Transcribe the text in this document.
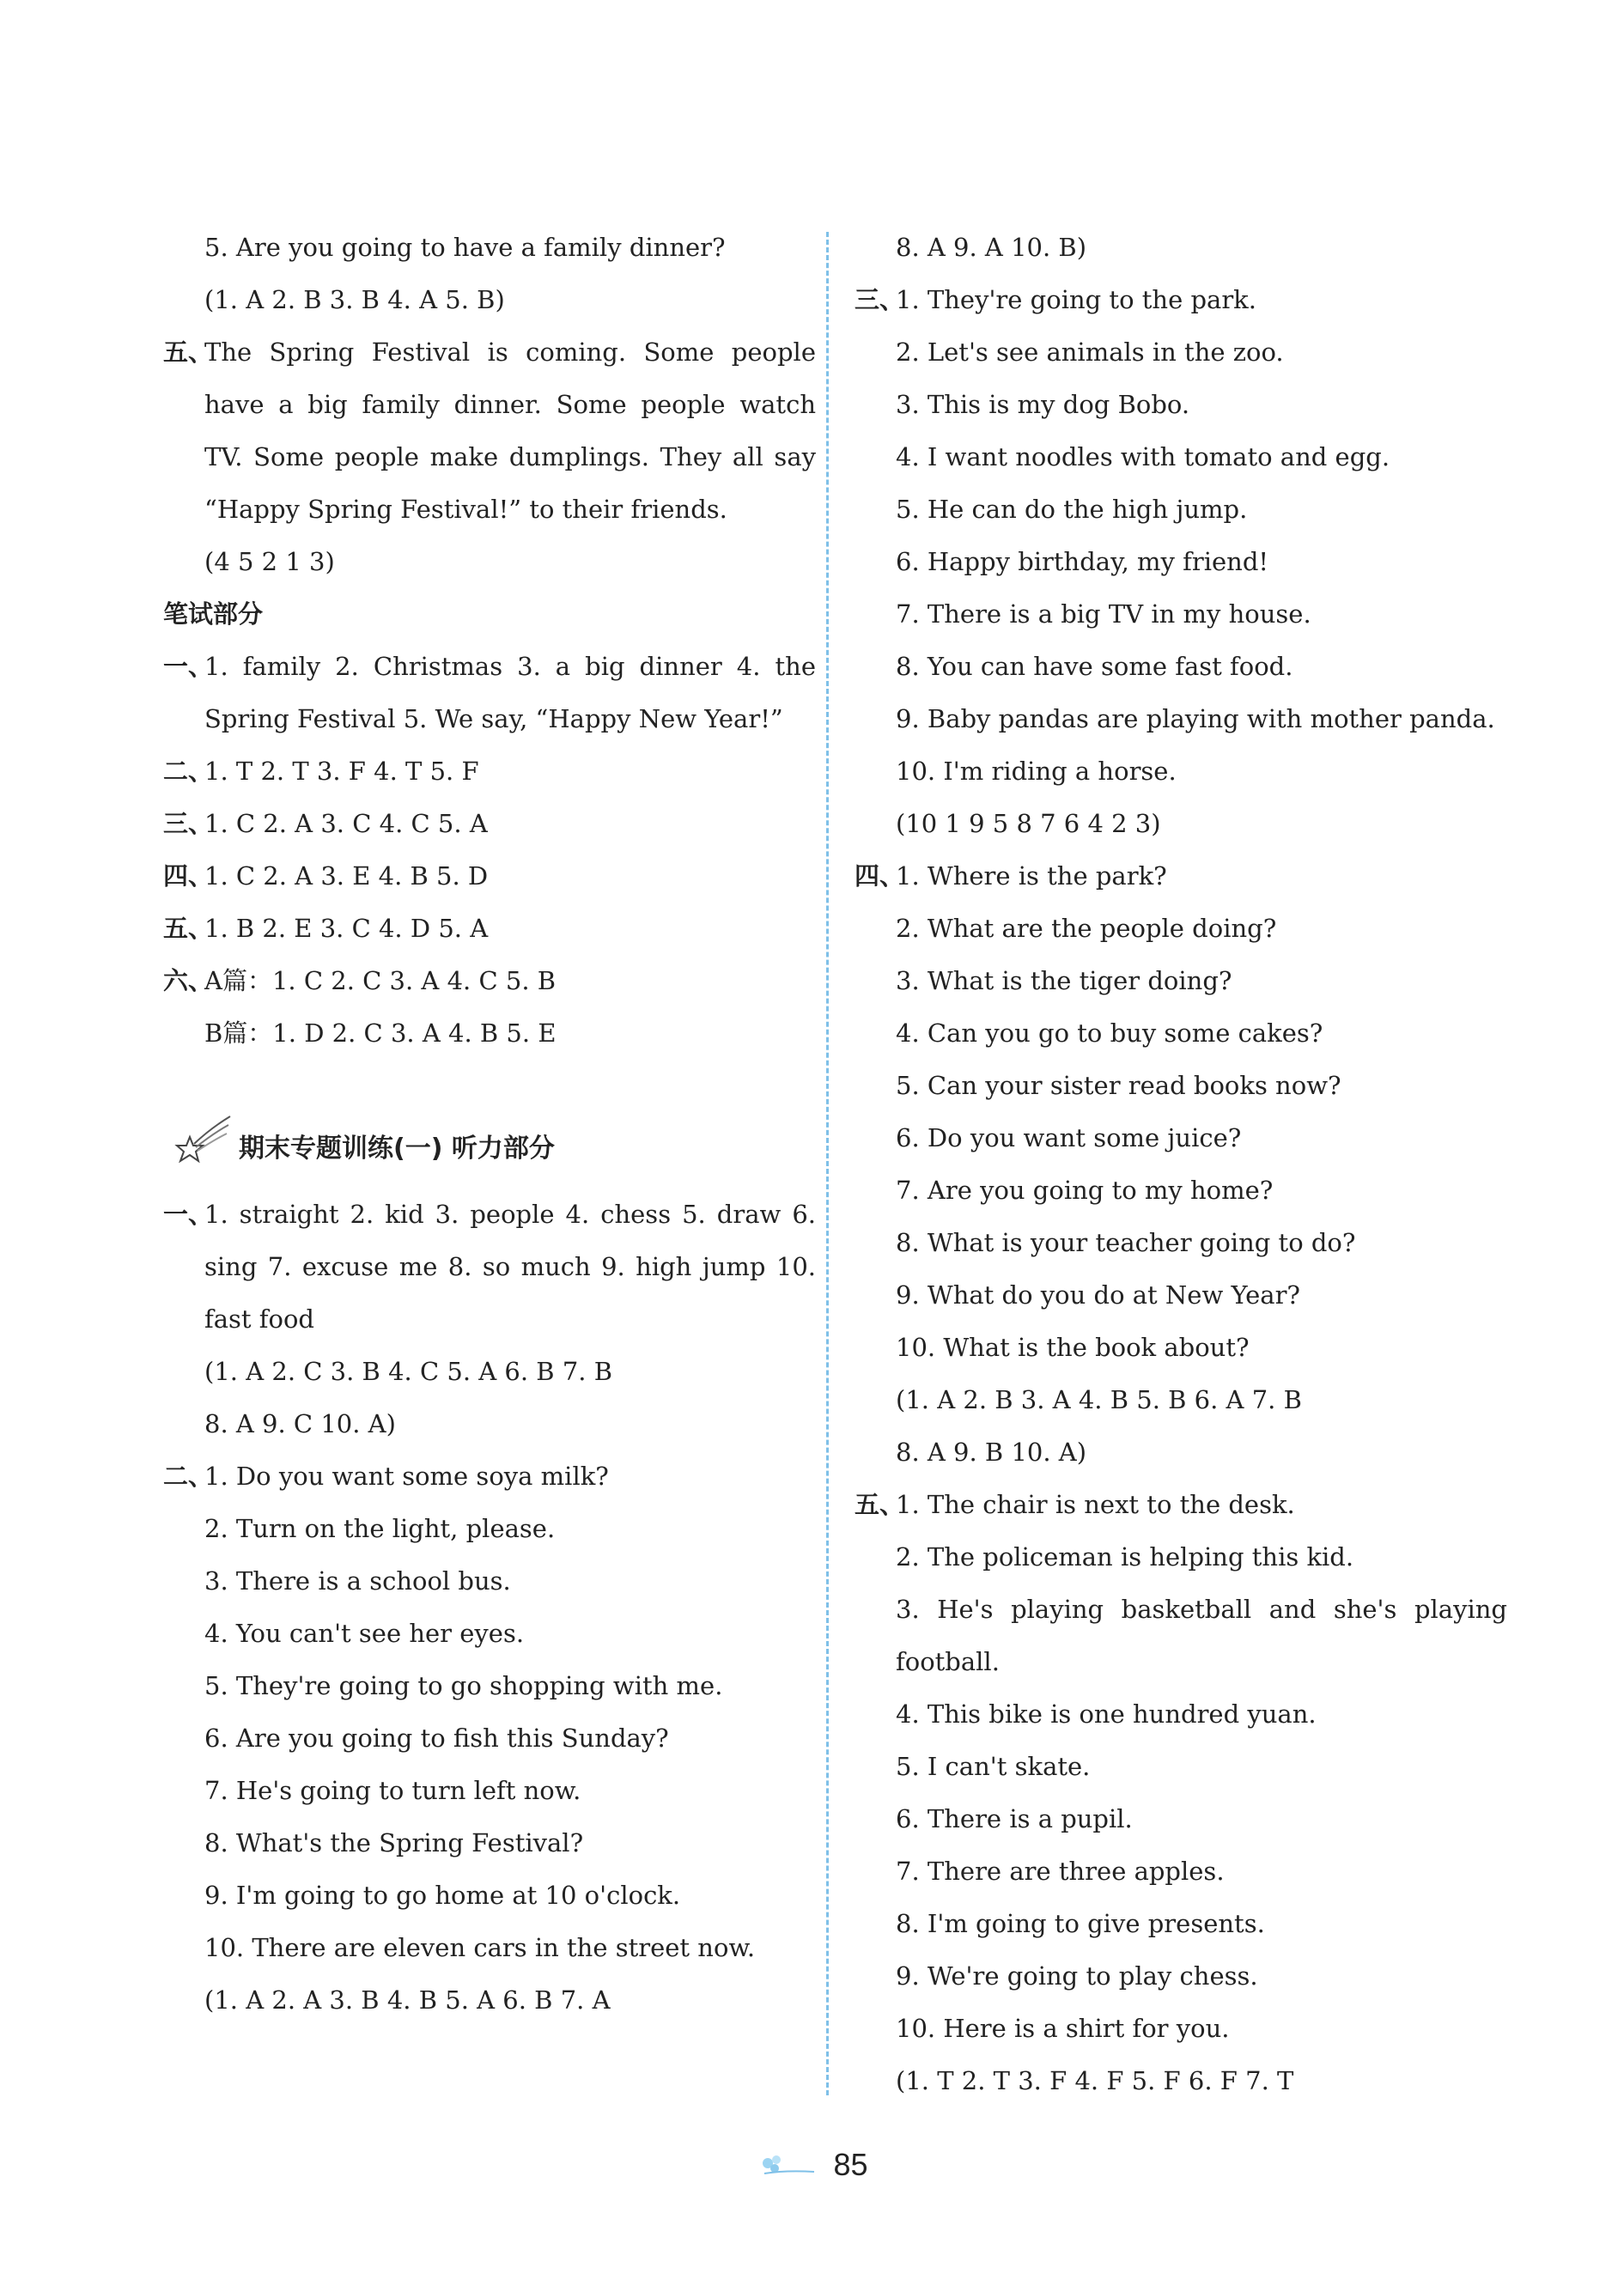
5. Are you going to have a family dinner?
(1. A 2. B 3. B 4. A 5. B)
五、
The Spring Festival is coming. Some people have a big family dinner. Some people watch TV. Some people make dumplings. They all say “Happy Spring Festival!” to their friends.
(4 5 2 1 3)
笔试部分
一、
1. family 2. Christmas 3. a big dinner 4. the Spring Festival 5. We say, “Happy New Year!”
二、1. T 2. T 3. F 4. T 5. F
三、1. C 2. A 3. C 4. C 5. A
四、1. C 2. A 3. E 4. B 5. D
五、1. B 2. E 3. C 4. D 5. A
六、A篇：1. C 2. C 3. A 4. C 5. B
B篇：1. D 2. C 3. A 4. B 5. E
期末专题训练(一) 听力部分
一、
1. straight 2. kid 3. people 4. chess 5. draw 6. sing 7. excuse me 8. so much 9. high jump 10. fast food
(1. A 2. C 3. B 4. C 5. A 6. B 7. B
8. A 9. C 10. A)
二、1. Do you want some soya milk?
2. Turn on the light, please.
3. There is a school bus.
4. You can't see her eyes.
5. They're going to go shopping with me.
6. Are you going to fish this Sunday?
7. He's going to turn left now.
8. What's the Spring Festival?
9. I'm going to go home at 10 o'clock.
10. There are eleven cars in the street now.
(1. A 2. A 3. B 4. B 5. A 6. B 7. A
8. A 9. A 10. B)
三、1. They're going to the park.
2. Let's see animals in the zoo.
3. This is my dog Bobo.
4. I want noodles with tomato and egg.
5. He can do the high jump.
6. Happy birthday, my friend!
7. There is a big TV in my house.
8. You can have some fast food.
9. Baby pandas are playing with mother panda.
10. I'm riding a horse.
(10 1 9 5 8 7 6 4 2 3)
四、1. Where is the park?
2. What are the people doing?
3. What is the tiger doing?
4. Can you go to buy some cakes?
5. Can your sister read books now?
6. Do you want some juice?
7. Are you going to my home?
8. What is your teacher going to do?
9. What do you do at New Year?
10. What is the book about?
(1. A 2. B 3. A 4. B 5. B 6. A 7. B
8. A 9. B 10. A)
五、1. The chair is next to the desk.
2. The policeman is helping this kid.
3. He's playing basketball and she's playing football.
4. This bike is one hundred yuan.
5. I can't skate.
6. There is a pupil.
7. There are three apples.
8. I'm going to give presents.
9. We're going to play chess.
10. Here is a shirt for you.
(1. T 2. T 3. F 4. F 5. F 6. F 7. T
85
